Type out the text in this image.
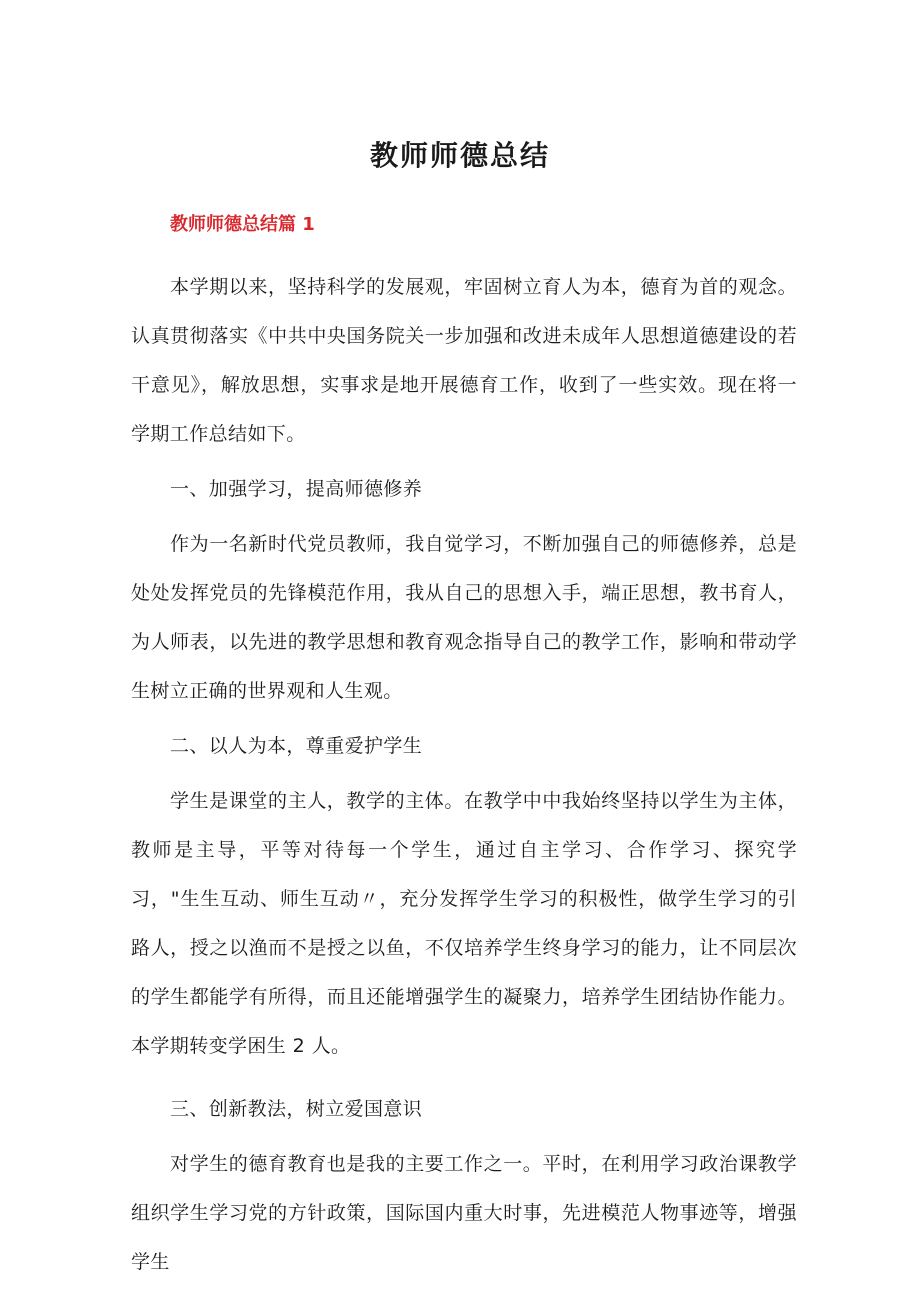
教师师德总结
教师师德总结篇 1

本学期以来，坚持科学的发展观，牢固树立育人为本，德育为首的观念。认真贯彻落实《中共中央国务院关一步加强和改进未成年人思想道德建设的若干意见》，解放思想，实事求是地开展德育工作，收到了一些实效。现在将一学期工作总结如下。

一、加强学习，提高师德修养

作为一名新时代党员教师，我自觉学习，不断加强自己的师德修养，总是处处发挥党员的先锋模范作用，我从自己的思想入手，端正思想，教书育人，为人师表，以先进的教学思想和教育观念指导自己的教学工作，影响和带动学生树立正确的世界观和人生观。

二、以人为本，尊重爱护学生

学生是课堂的主人，教学的主体。在教学中中我始终坚持以学生为主体，教师是主导，平等对待每一个学生，通过自主学习、合作学习、探究学习，"生生互动、师生互动〃，充分发挥学生学习的积极性，做学生学习的引路人，授之以渔而不是授之以鱼，不仅培养学生终身学习的能力，让不同层次的学生都能学有所得，而且还能增强学生的凝聚力，培养学生团结协作能力。本学期转变学困生 2 人。

三、创新教法，树立爱国意识

对学生的德育教育也是我的主要工作之一。平时，在利用学习政治课教学组织学生学习党的方针政策，国际国内重大时事，先进模范人物事迹等，增强学生
